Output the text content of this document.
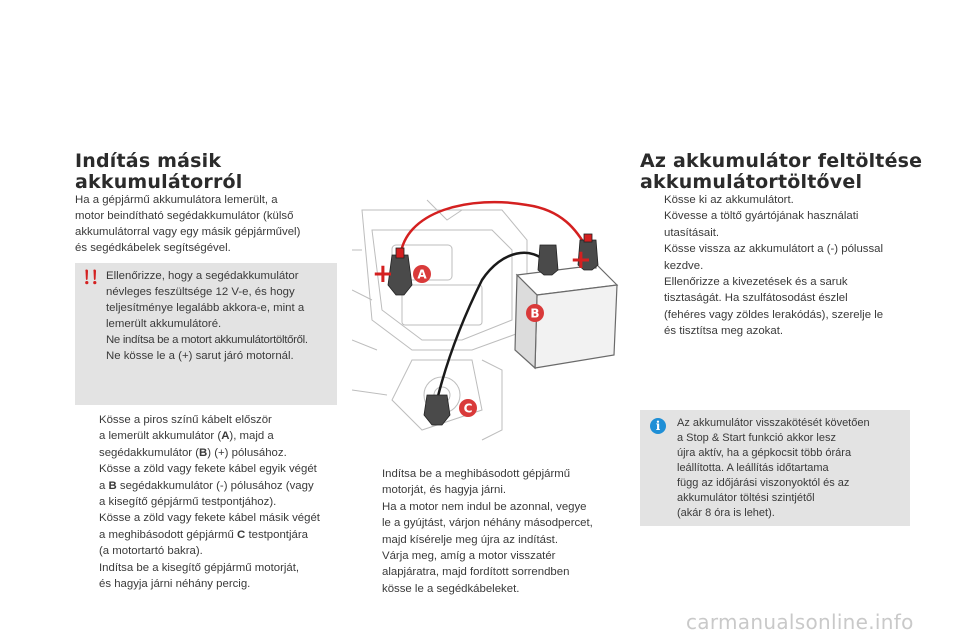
Indítás másik
akkumulátorról
Ha a gépjármű akkumulátora lemerült, a
motor beindítható segédakkumulátor (külső
akkumulátorral vagy egy másik gépjárművel)
és segédkábelek segítségével.
Ellenőrizze, hogy a segédakkumulátor
névleges feszültsége 12 V-e, és hogy
teljesítménye legalább akkora-e, mint a
lemerült akkumulátoré.
Ne indítsa be a motort akkumulátortöltőről.
Ne kösse le a (+) sarut járó motornál.
Kösse a piros színű kábelt először
a lemerült akkumulátor (A), majd a
segédakkumulátor (B) (+) pólusához.
Kösse a zöld vagy fekete kábel egyik végét
a B segédakkumulátor (-) pólusához (vagy
a kisegítő gépjármű testpontjához).
Kösse a zöld vagy fekete kábel másik végét
a meghibásodott gépjármű C testpontjára
(a motortartó bakra).
Indítsa be a kisegítő gépjármű motorját,
és hagyja járni néhány percig.
+	+
A
B
C
Indítsa be a meghibásodott gépjármű
motorját, és hagyja járni.
Ha a motor nem indul be azonnal, vegye
le a gyújtást, várjon néhány másodpercet,
majd kísérelje meg újra az indítást.
Várja meg, amíg a motor visszatér
alapjáratra, majd fordított sorrendben
kösse le a segédkábeleket.
Az akkumulátor feltöltése
akkumulátortöltővel
Kösse ki az akkumulátort.
Kövesse a töltő gyártójának használati
utasításait.
Kösse vissza az akkumulátort a (-) pólussal
kezdve.
Ellenőrizze a kivezetések és a saruk
tisztaságát. Ha szulfátosodást észlel
(fehéres vagy zöldes lerakódás), szerelje le
és tisztítsa meg azokat.
i	Az akkumulátor visszakötését követően
a Stop & Start funkció akkor lesz
újra aktív, ha a gépkocsit több órára
leállította. A leállítás időtartama
függ az időjárási viszonyoktól és az
akkumulátor töltési szintjétől
(akár 8 óra is lehet).
carmanualsonline.info
